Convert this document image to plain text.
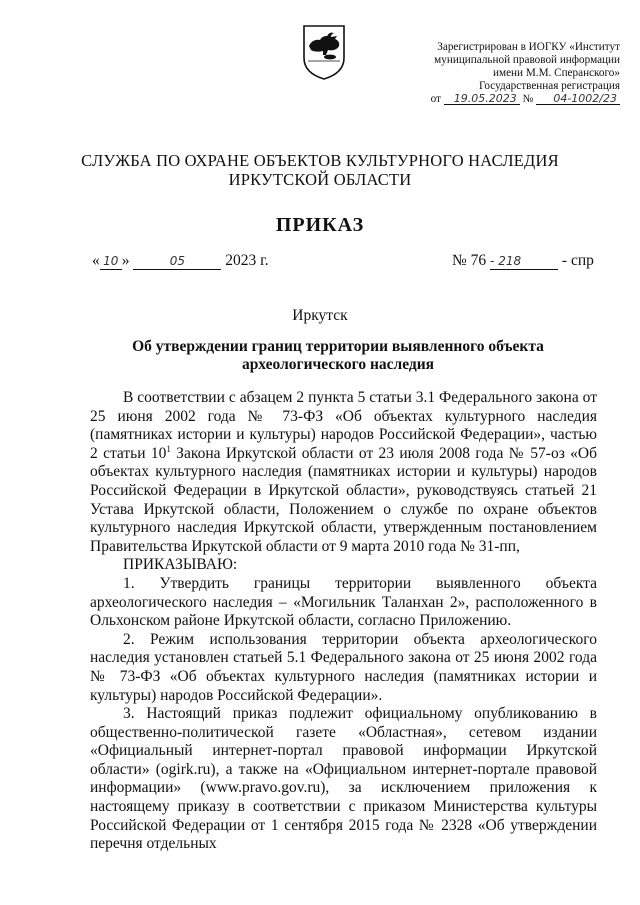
Зарегистрирован в ИОГКУ «Институт
муниципальной правовой информации
имени М.М. Сперанского»
Государственная регистрация
от 19.05.2023 № 04-1002/23
СЛУЖБА ПО ОХРАНЕ ОБЪЕКТОВ КУЛЬТУРНОГО НАСЛЕДИЯ
ИРКУТСКОЙ ОБЛАСТИ
ПРИКАЗ
« 10 »	05	2023 г.	№ 76 - 218	- спр
Иркутск
Об утверждении границ территории выявленного объекта
археологического наследия

В соответствии с абзацем 2 пункта 5 статьи 3.1 Федерального закона от 25 июня 2002 года № 73-ФЗ «Об объектах культурного наследия (памятниках истории и культуры) народов Российской Федерации», частью 2 статьи $10^1$ Закона Иркутской области от 23 июля 2008 года № 57-оз «Об объектах культурного наследия (памятниках истории и культуры) народов Российской Федерации в Иркутской области», руководствуясь статьей 21 Устава Иркутской области, Положением о службе по охране объектов культурного наследия Иркутской области, утвержденным постановлением Правительства Иркутской области от 9 марта 2010 года № 31-пп,

ПРИКАЗЫВАЮ:

1. Утвердить границы территории выявленного объекта археологического наследия – «Могильник Таланхан 2», расположенного в Ольхонском районе Иркутской области, согласно Приложению.

2. Режим использования территории объекта археологического наследия установлен статьей 5.1 Федерального закона от 25 июня 2002 года № 73-ФЗ «Об объектах культурного наследия (памятниках истории и культуры) народов Российской Федерации».

3. Настоящий приказ подлежит официальному опубликованию в общественно-политической газете «Областная», сетевом издании «Официальный интернет-портал правовой информации Иркутской области» (ogirk.ru), а также на «Официальном интернет-портале правовой информации» (www.pravo.gov.ru), за исключением приложения к настоящему приказу в соответствии с приказом Министерства культуры Российской Федерации от 1 сентября 2015 года № 2328 «Об утверждении перечня отдельных
